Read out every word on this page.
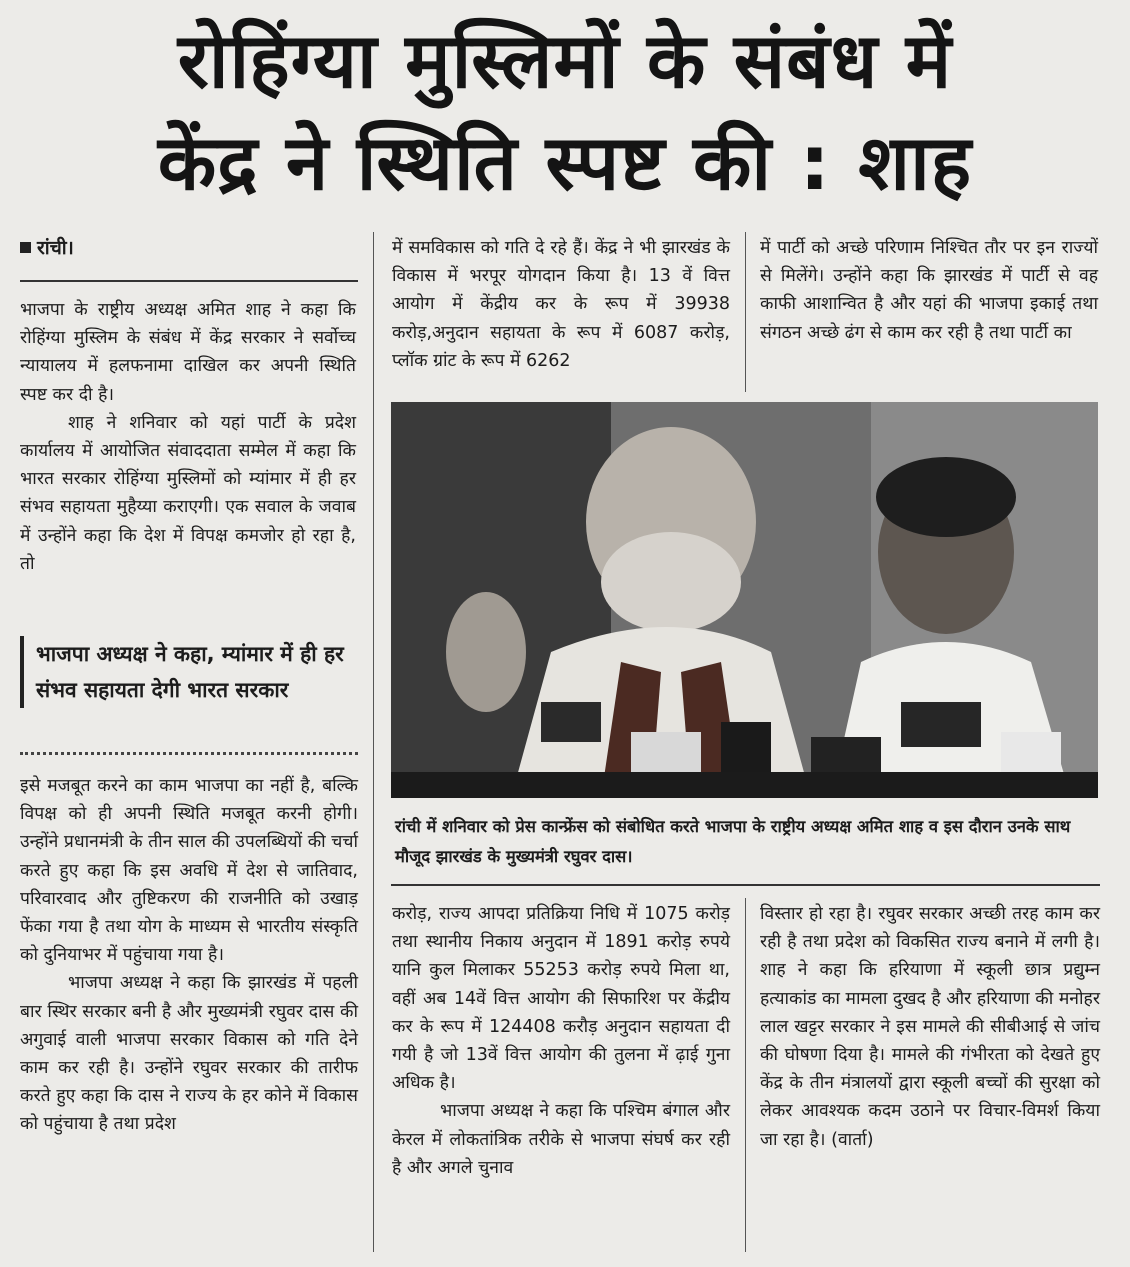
रोहिंग्या मुस्लिमों के संबंध में
केंद्र ने स्थिति स्पष्ट की : शाह
रांची।

भाजपा के राष्ट्रीय अध्यक्ष अमित शाह ने कहा कि रोहिंग्या मुस्लिम के संबंध में केंद्र सरकार ने सर्वोच्च न्यायालय में हलफनामा दाखिल कर अपनी स्थिति स्पष्ट कर दी है।

शाह ने शनिवार को यहां पार्टी के प्रदेश कार्यालय में आयोजित संवाददाता सम्मेल में कहा कि भारत सरकार रोहिंग्या मुस्लिमों को म्यांमार में ही हर संभव सहायता मुहैय्या कराएगी। एक सवाल के जवाब में उन्होंने कहा कि देश में विपक्ष कमजोर हो रहा है, तो

भाजपा अध्यक्ष ने कहा, म्यांमार में ही हर संभव सहायता देगी भारत सरकार

इसे मजबूत करने का काम भाजपा का नहीं है, बल्कि विपक्ष को ही अपनी स्थिति मजबूत करनी होगी। उन्होंने प्रधानमंत्री के तीन साल की उपलब्धियों की चर्चा करते हुए कहा कि इस अवधि में देश से जातिवाद, परिवारवाद और तुष्टिकरण की राजनीति को उखाड़ फेंका गया है तथा योग के माध्यम से भारतीय संस्कृति को दुनियाभर में पहुंचाया गया है।

भाजपा अध्यक्ष ने कहा कि झारखंड में पहली बार स्थिर सरकार बनी है और मुख्यमंत्री रघुवर दास की अगुवाई वाली भाजपा सरकार विकास को गति देने काम कर रही है। उन्होंने रघुवर सरकार की तारीफ करते हुए कहा कि दास ने राज्य के हर कोने में विकास को पहुंचाया है तथा प्रदेश

में समविकास को गति दे रहे हैं। केंद्र ने भी झारखंड के विकास में भरपूर योगदान किया है। 13 वें वित्त आयोग में केंद्रीय कर के रूप में 39938 करोड़,अनुदान सहायता के रूप में 6087 करोड़, प्लॉक ग्रांट के रूप में 6262

में पार्टी को अच्छे परिणाम निश्चित तौर पर इन राज्यों से मिलेंगे। उन्होंने कहा कि झारखंड में पार्टी से वह काफी आशान्वित है और यहां की भाजपा इकाई तथा संगठन अच्छे ढंग से काम कर रही है तथा पार्टी का

रांची में शनिवार को प्रेस कान्फ्रेंस को संबोधित करते भाजपा के राष्ट्रीय अध्यक्ष अमित शाह व इस दौरान उनके साथ मौजूद झारखंड के मुख्यमंत्री रघुवर दास।

करोड़, राज्य आपदा प्रतिक्रिया निधि में 1075 करोड़ तथा स्थानीय निकाय अनुदान में 1891 करोड़ रुपये यानि कुल मिलाकर 55253 करोड़ रुपये मिला था, वहीं अब 14वें वित्त आयोग की सिफारिश पर केंद्रीय कर के रूप में 124408 करौड़ अनुदान सहायता दी गयी है जो 13वें वित्त आयोग की तुलना में ढ़ाई गुना अधिक है।

भाजपा अध्यक्ष ने कहा कि पश्चिम बंगाल और केरल में लोकतांत्रिक तरीके से भाजपा संघर्ष कर रही है और अगले चुनाव

विस्तार हो रहा है। रघुवर सरकार अच्छी तरह काम कर रही है तथा प्रदेश को विकसित राज्य बनाने में लगी है। शाह ने कहा कि हरियाणा में स्कूली छात्र प्रद्युम्न हत्याकांड का मामला दुखद है और हरियाणा की मनोहर लाल खट्टर सरकार ने इस मामले की सीबीआई से जांच की घोषणा दिया है। मामले की गंभीरता को देखते हुए केंद्र के तीन मंत्रालयों द्वारा स्कूली बच्चों की सुरक्षा को लेकर आवश्यक कदम उठाने पर विचार-विमर्श किया जा रहा है। (वार्ता)
